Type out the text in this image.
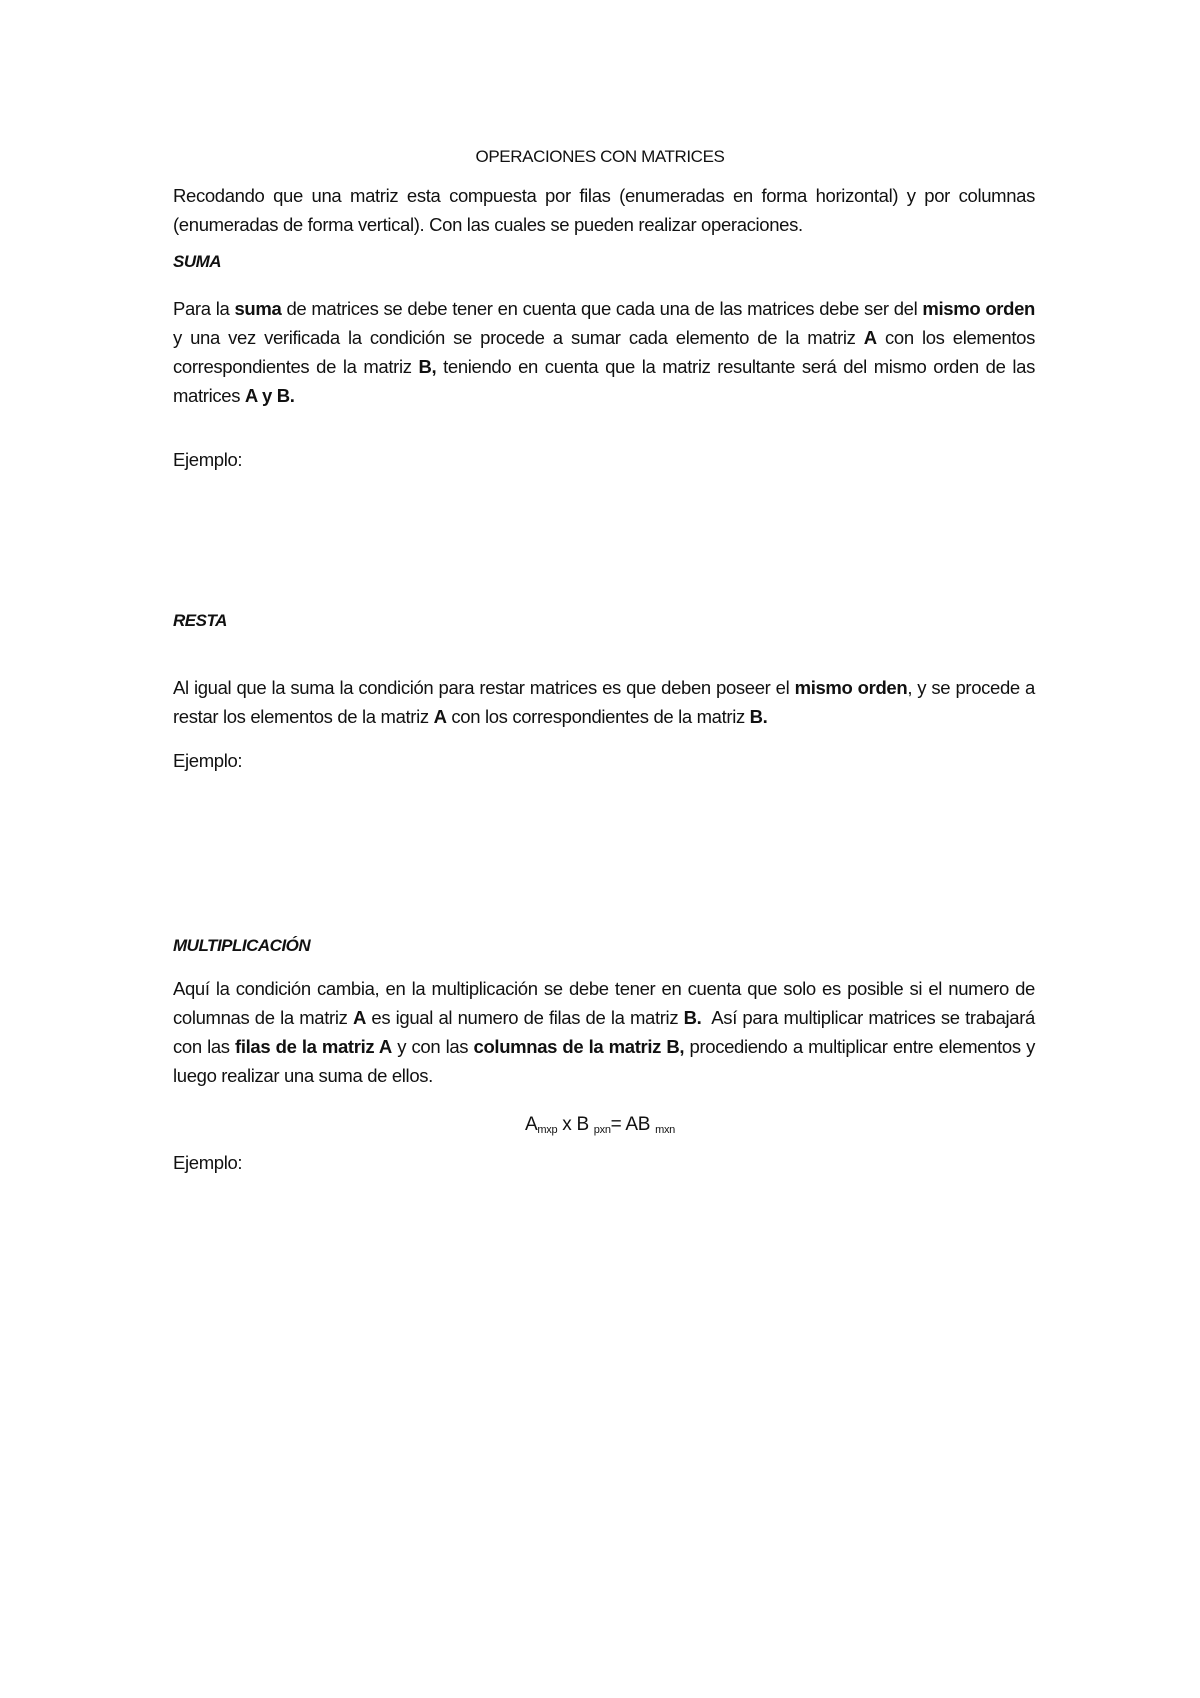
OPERACIONES CON MATRICES
Recodando que una matriz esta compuesta por filas (enumeradas en forma horizontal) y por columnas (enumeradas de forma vertical). Con las cuales se pueden realizar operaciones.
SUMA
Para la suma de matrices se debe tener en cuenta que cada una de las matrices debe ser del mismo orden y una vez verificada la condición se procede a sumar cada elemento de la matriz A con los elementos correspondientes de la matriz B, teniendo en cuenta que la matriz resultante será del mismo orden de las matrices A y B.
Ejemplo:
RESTA
Al igual que la suma la condición para restar matrices es que deben poseer el mismo orden, y se procede a restar los elementos de la matriz A con los correspondientes de la matriz B.
Ejemplo:
MULTIPLICACIÓN
Aquí la condición cambia, en la multiplicación se debe tener en cuenta que solo es posible si el numero de columnas de la matriz A es igual al numero de filas de la matriz B.  Así para multiplicar matrices se trabajará con las filas de la matriz A y con las columnas de la matriz B, procediendo a multiplicar entre elementos y luego realizar una suma de ellos.
$A_{mxp}$ x B $_{pxn}$= AB $_{mxn}$
Ejemplo:
